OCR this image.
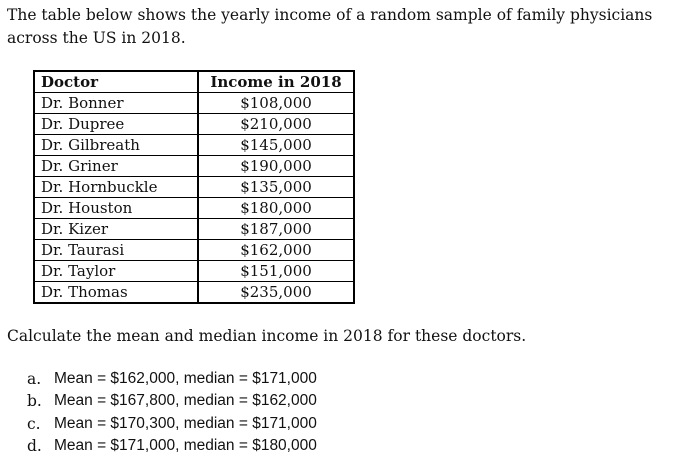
The table below shows the yearly income of a random sample of family physicians across the US in 2018.

Doctor	Income in 2018
Dr. Bonner	$108,000
Dr. Dupree	$210,000
Dr. Gilbreath	$145,000
Dr. Griner	$190,000
Dr. Hornbuckle	$135,000
Dr. Houston	$180,000
Dr. Kizer	$187,000
Dr. Taurasi	$162,000
Dr. Taylor	$151,000
Dr. Thomas	$235,000

Calculate the mean and median income in 2018 for these doctors.

a. Mean = $162,000, median = $171,000
b. Mean = $167,800, median = $162,000
c. Mean = $170,300, median = $171,000
d. Mean = $171,000, median = $180,000
